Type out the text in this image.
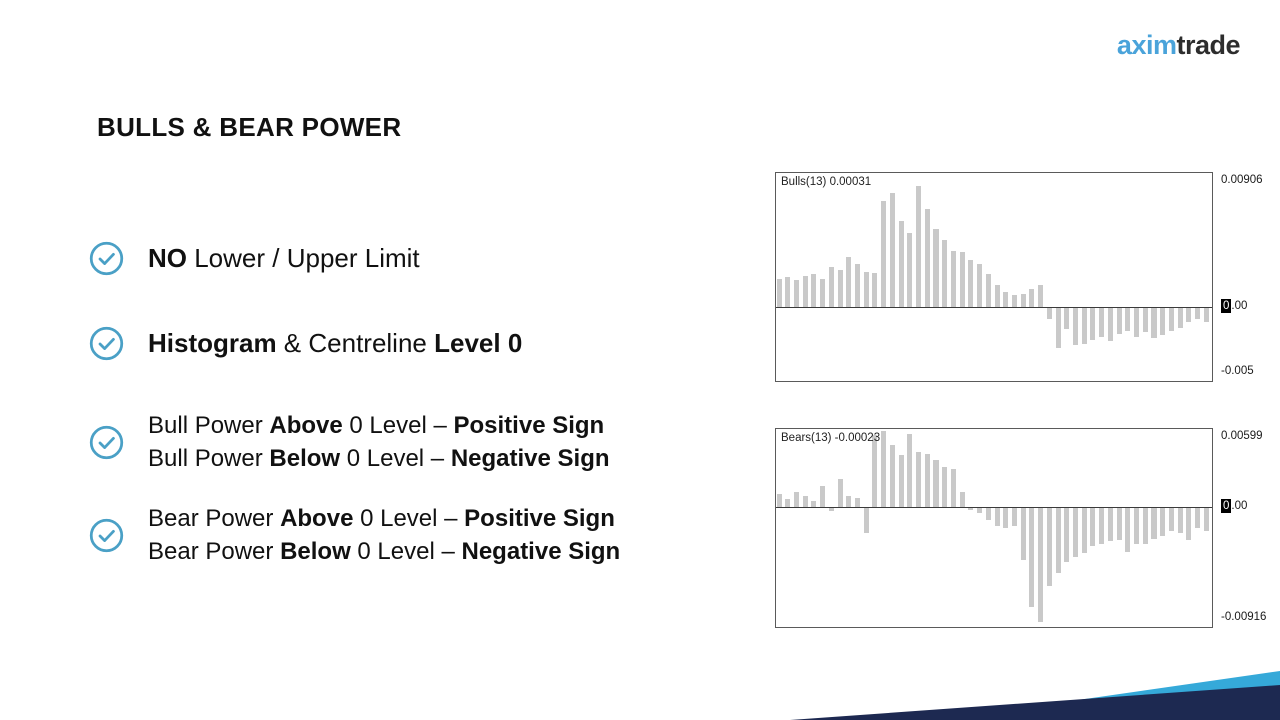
aximtrade
BULLS & BEAR POWER
NO Lower / Upper Limit
Histogram & Centreline Level 0
Bull Power Above 0 Level – Positive Sign
Bull Power Below 0 Level – Negative Sign
Bear Power Above 0 Level – Positive Sign
Bear Power Below 0 Level – Negative Sign
Bulls(13) 0.00031	0.00906
0 .00
-0.005
Bears(13) -0.00023	0.00599
0 .00
-0.00916
